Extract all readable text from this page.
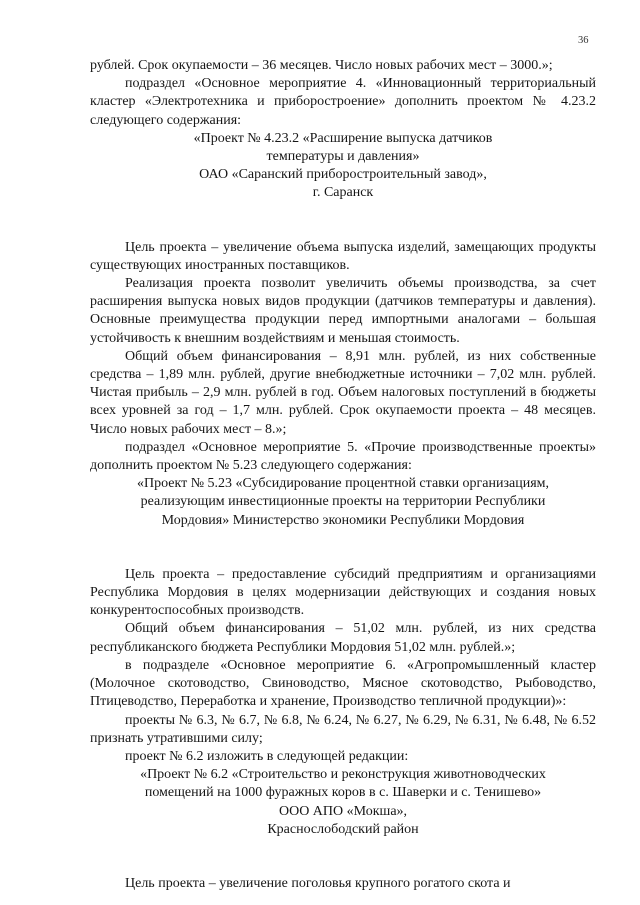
36

рублей. Срок окупаемости – 36 месяцев. Число новых рабочих мест – 3000.»;

подраздел «Основное мероприятие 4. «Инновационный территориальный кластер «Электротехника и приборостроение» дополнить проектом № 4.23.2 следующего содержания:

«Проект № 4.23.2 «Расширение выпуска датчиков
температуры и давления»
ОАО «Саранский приборостроительный завод»,
г. Саранск

Цель проекта – увеличение объема выпуска изделий, замещающих продукты существующих иностранных поставщиков.

Реализация проекта позволит увеличить объемы производства, за счет расширения выпуска новых видов продукции (датчиков температуры и давления). Основные преимущества продукции перед импортными аналогами – большая устойчивость к внешним воздействиям и меньшая стоимость.

Общий объем финансирования – 8,91 млн. рублей, из них собственные средства – 1,89 млн. рублей, другие внебюджетные источники – 7,02 млн. рублей. Чистая прибыль – 2,9 млн. рублей в год. Объем налоговых поступлений в бюджеты всех уровней за год – 1,7 млн. рублей. Срок окупаемости проекта – 48 месяцев. Число новых рабочих мест – 8.»;

подраздел «Основное мероприятие 5. «Прочие производственные проекты» дополнить проектом № 5.23 следующего содержания:

«Проект № 5.23 «Субсидирование процентной ставки организациям,
реализующим инвестиционные проекты на территории Республики
Мордовия» Министерство экономики Республики Мордовия

Цель проекта – предоставление субсидий предприятиям и организациями Республика Мордовия в целях модернизации действующих и создания новых конкурентоспособных производств.

Общий объем финансирования – 51,02 млн. рублей, из них средства республиканского бюджета Республики Мордовия 51,02 млн. рублей.»;

в подразделе «Основное мероприятие 6. «Агропромышленный кластер (Молочное скотоводство, Свиноводство, Мясное скотоводство, Рыбоводство, Птицеводство, Переработка и хранение, Производство тепличной продукции)»:

проекты № 6.3, № 6.7, № 6.8, № 6.24, № 6.27, № 6.29, № 6.31, № 6.48, № 6.52 признать утратившими силу;

проект № 6.2 изложить в следующей редакции:

«Проект № 6.2 «Строительство и реконструкция животноводческих
помещений на 1000 фуражных коров в с. Шаверки и с. Тенишево»
ООО АПО «Мокша»,
Краснослободский район

Цель проекта – увеличение поголовья крупного рогатого скота и
